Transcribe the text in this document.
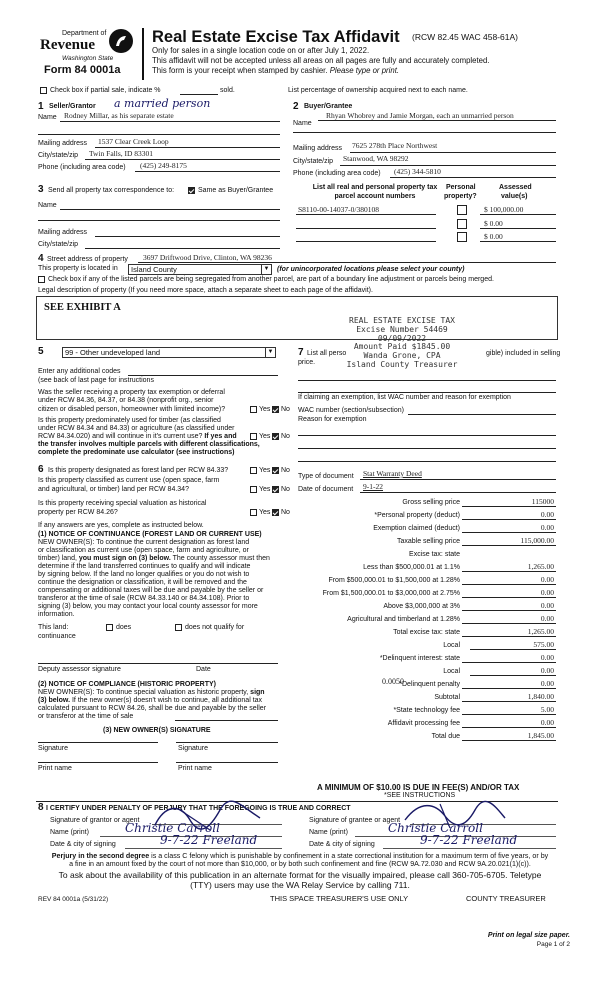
Department of
Revenue
Washington State
Form 84 0001a
Real Estate Excise Tax Affidavit (RCW 82.45 WAC 458-61A)
Only for sales in a single location code on or after July 1, 2022.
This affidavit will not be accepted unless all areas on all pages are fully and accurately completed.
This form is your receipt when stamped by cashier. Please type or print.
Check box if partial sale, indicate %	sold.	List percentage of ownership acquired next to each name.
1 Seller/Grantor a married person
Name Rodney Millar, as his separate estate
Mailing address 1537 Clear Creek Loop
City/state/zip Twin Falls, ID 83301
Phone (including area code) (425) 249-8175
2 Buyer/Grantee
Rhyan Whobrey and Jamie Morgan, each an unmarried person
Name
Mailing address 7625 278th Place Northwest
City/state/zip Stanwood, WA 98292
Phone (including area code) (425) 344-5810
3 Send all property tax correspondence to:	Same as Buyer/Grantee
Name
Mailing address
City/state/zip
List all real and personal property tax
parcel account numbers
Personal
property?
Assessed
value(s)
S8110-00-14037-0/380108	$ 100,000.00
$ 0.00
$ 0.00
4 Street address of property 3697 Driftwood Drive, Clinton, WA 98236
This property is located in	Island County	▼ (for unincorporated locations please select your county)
Check box if any of the listed parcels are being segregated from another parcel, are part of a boundary line adjustment or parcels being merged.
Legal description of property (If you need more space, attach a separate sheet to each page of the affidavit).
SEE EXHIBIT A
REAL ESTATE EXCISE TAX
Excise Number 54469
09/09/2022
Amount Paid $1845.00
Wanda Grone, CPA
Island County Treasurer
5	99 - Other undeveloped land	▼
Enter any additional codes
(see back of last page for instructions
Was the seller receiving a property tax exemption or deferral
under RCW 84.36, 84.37, or 84.38 (nonprofit org., senior
citizen or disabled person, homeowner with limited income)?	Yes No
Is this property predominately used for timber (as classified
under RCW 84.34 and 84.33) or agriculture (as classified under
RCW 84.34.020) and will continue in it's current use? If yes and	Yes No
the transfer involves multiple parcels with different classifications,
complete the predominate use calculator (see instructions)
7 List all perso
price.
gible) included in selling
If claiming an exemption, list WAC number and reason for exemption
WAC number (section/subsection)
Reason for exemption
6 Is this property designated as forest land per RCW 84.33?	Yes No
Is this property classified as current use (open space, farm
and agricultural, or timber) land per RCW 84.34?	Yes No
Is this property receiving special valuation as historical
property per RCW 84.26?	Yes No
If any answers are yes, complete as instructed below.
(1) NOTICE OF CONTINUANCE (FOREST LAND OR CURRENT USE)
NEW OWNER(S): To continue the current designation as forest land
or classification as current use (open space, farm and agriculture, or
timber) land, you must sign on (3) below. The county assessor must then
determine if the land transferred continues to qualify and will indicate
by signing below. If the land no longer qualifies or you do not wish to
continue the designation or classification, it will be removed and the
compensating or additional taxes will be due and payable by the seller or
transferor at the time of sale (RCW 84.33.140 or 84.34.108). Prior to
signing (3) below, you may contact your local county assessor for more
information.
This land:	does	does not qualify for
continuance
Deputy assessor signature	Date
(2) NOTICE OF COMPLIANCE (HISTORIC PROPERTY)
NEW OWNER(S): To continue special valuation as historic property, sign
(3) below. If the new owner(s) doesn't wish to continue, all additional tax
calculated pursuant to RCW 84.26, shall be due and payable by the seller
or transferor at the time of sale
(3) NEW OWNER(S) SIGNATURE
Signature	Signature
Print name	Print name
Type of document Stat Warranty Deed
Date of document 9-1-22
Gross selling price	115000
*Personal property (deduct)	0.00
Exemption claimed (deduct)	0.00
Taxable selling price	115,000.00
Excise tax: state
Less than $500,000.01 at 1.1%	1,265.00
From $500,000.01 to $1,500,000 at 1.28%	0.00
From $1,500,000.01 to $3,000,000 at 2.75%	0.00
Above $3,000,000 at 3%	0.00
Agricultural and timberland at 1.28%	0.00
Total excise tax: state	1,265.00
Local	575.00
*Delinquent interest: state	0.00
Local	0.00
*Delinquent penalty	0.00
Subtotal	1,840.00
*State technology fee	5.00
Affidavit processing fee	0.00
Total due	1,845.00
0.0050
A MINIMUM OF $10.00 IS DUE IN FEE(S) AND/OR TAX
*SEE INSTRUCTIONS
8 I CERTIFY UNDER PENALTY OF PERJURY THAT THE FOREGOING IS TRUE AND CORRECT
Signature of grantor or agent
Name (print)	Christie Carroll
Date & city of signing	9-7-22 Freeland
Signature of grantee or agent
Name (print)	Christie Carroll
Date & city of signing	9-7-22 Freeland
Perjury in the second degree is a class C felony which is punishable by confinement in a state correctional institution for a maximum term of five years, or by
a fine in an amount fixed by the court of not more than $10,000, or by both such confinement and fine (RCW 9A.72.030 and RCW 9A.20.021(1)(c)).
To ask about the availability of this publication in an alternate format for the visually impaired, please call 360-705-6705. Teletype
(TTY) users may use the WA Relay Service by calling 711.
REV 84 0001a (5/31/22)	THIS SPACE TREASURER'S USE ONLY	COUNTY TREASURER
Print on legal size paper.
Page 1 of 2
